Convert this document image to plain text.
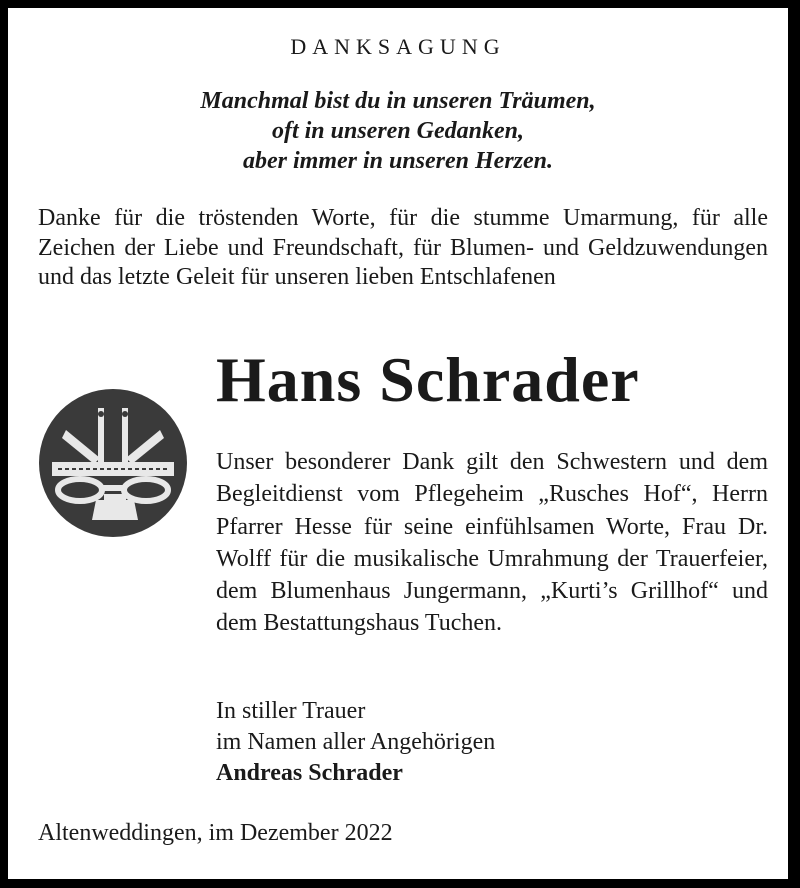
DANKSAGUNG
Manchmal bist du in unseren Träumen,
oft in unseren Gedanken,
aber immer in unseren Herzen.

Danke für die tröstenden Worte, für die stumme Umarmung, für alle Zeichen der Liebe und Freundschaft, für Blumen- und Geldzuwendungen und das letzte Geleit für unseren lieben Entschlafenen

Hans Schrader

Unser besonderer Dank gilt den Schwestern und dem Begleitdienst vom Pflegeheim „Rusches Hof“, Herrn Pfarrer Hesse für seine einfühlsamen Worte, Frau Dr. Wolff für die musikalische Umrahmung der Trauerfeier, dem Blumenhaus Jungermann, „Kurti’s Grillhof“ und dem Bestattungshaus Tuchen.

In stiller Trauer
im Namen aller Angehörigen
Andreas Schrader

Altenweddingen, im Dezember 2022
